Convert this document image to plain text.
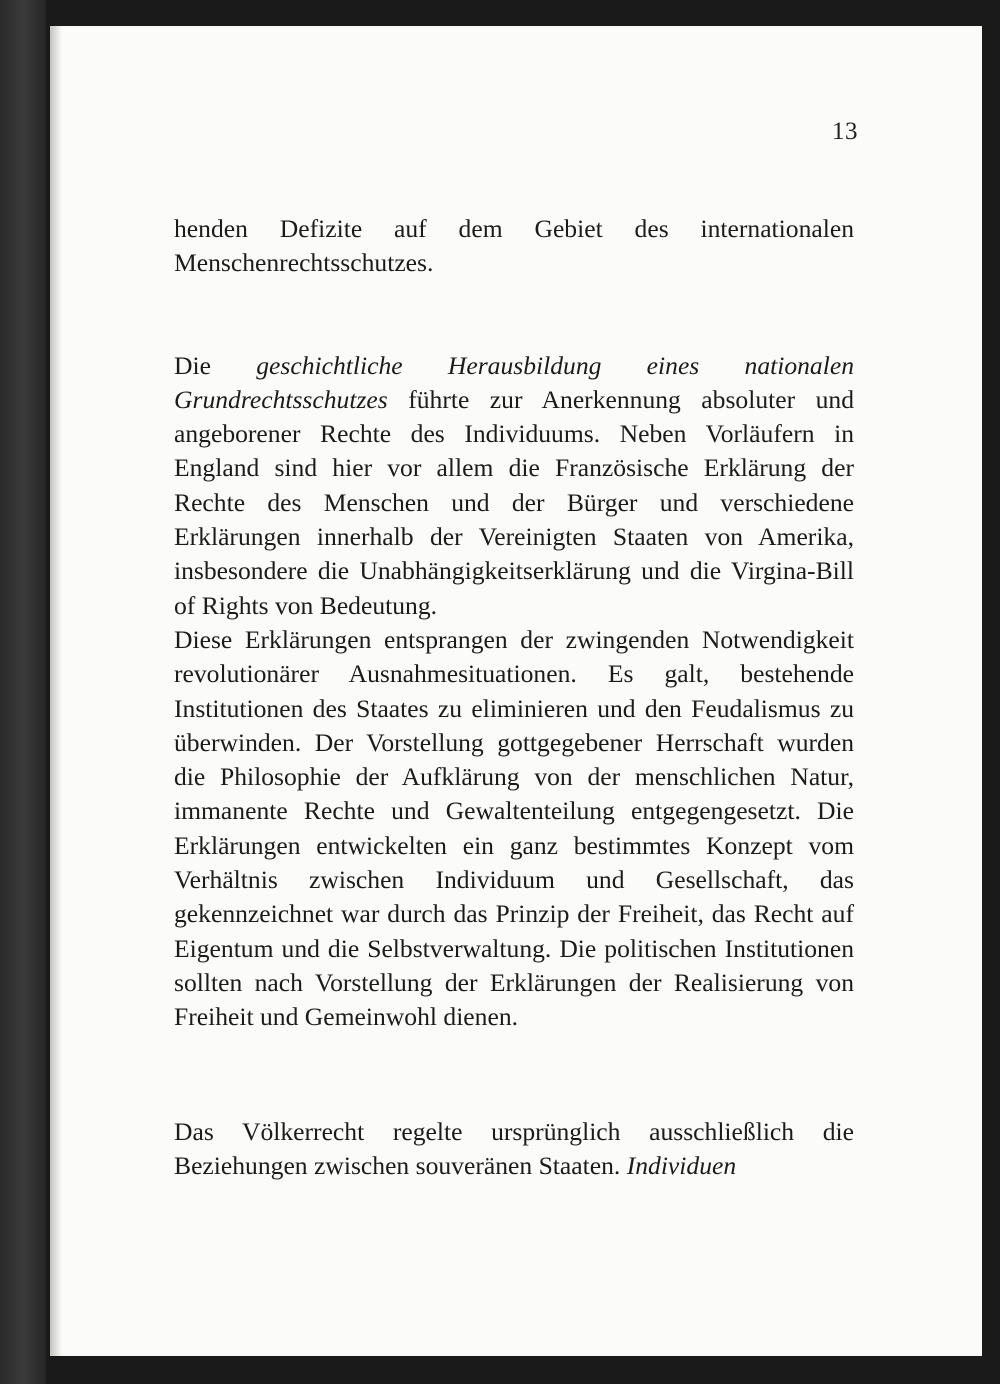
13

henden Defizite auf dem Gebiet des internationalen Menschenrechtsschutzes.

Die geschichtliche Herausbildung eines nationalen Grundrechtsschutzes führte zur Anerkennung absoluter und angeborener Rechte des Individuums. Neben Vorläufern in England sind hier vor allem die Französische Erklärung der Rechte des Menschen und der Bürger und verschiedene Erklärungen innerhalb der Vereinigten Staaten von Amerika, insbesondere die Unabhängigkeitserklärung und die Virgina-Bill of Rights von Bedeutung.

Diese Erklärungen entsprangen der zwingenden Notwendigkeit revolutionärer Ausnahmesituationen. Es galt, bestehende Institutionen des Staates zu eliminieren und den Feudalismus zu überwinden. Der Vorstellung gottgegebener Herrschaft wurden die Philosophie der Aufklärung von der menschlichen Natur, immanente Rechte und Gewaltenteilung entgegengesetzt. Die Erklärungen entwickelten ein ganz bestimmtes Konzept vom Verhältnis zwischen Individuum und Gesellschaft, das gekennzeichnet war durch das Prinzip der Freiheit, das Recht auf Eigentum und die Selbstverwaltung. Die politischen Institutionen sollten nach Vorstellung der Erklärungen der Realisierung von Freiheit und Gemeinwohl dienen.

Das Völkerrecht regelte ursprünglich ausschließlich die Beziehungen zwischen souveränen Staaten. Individuen
